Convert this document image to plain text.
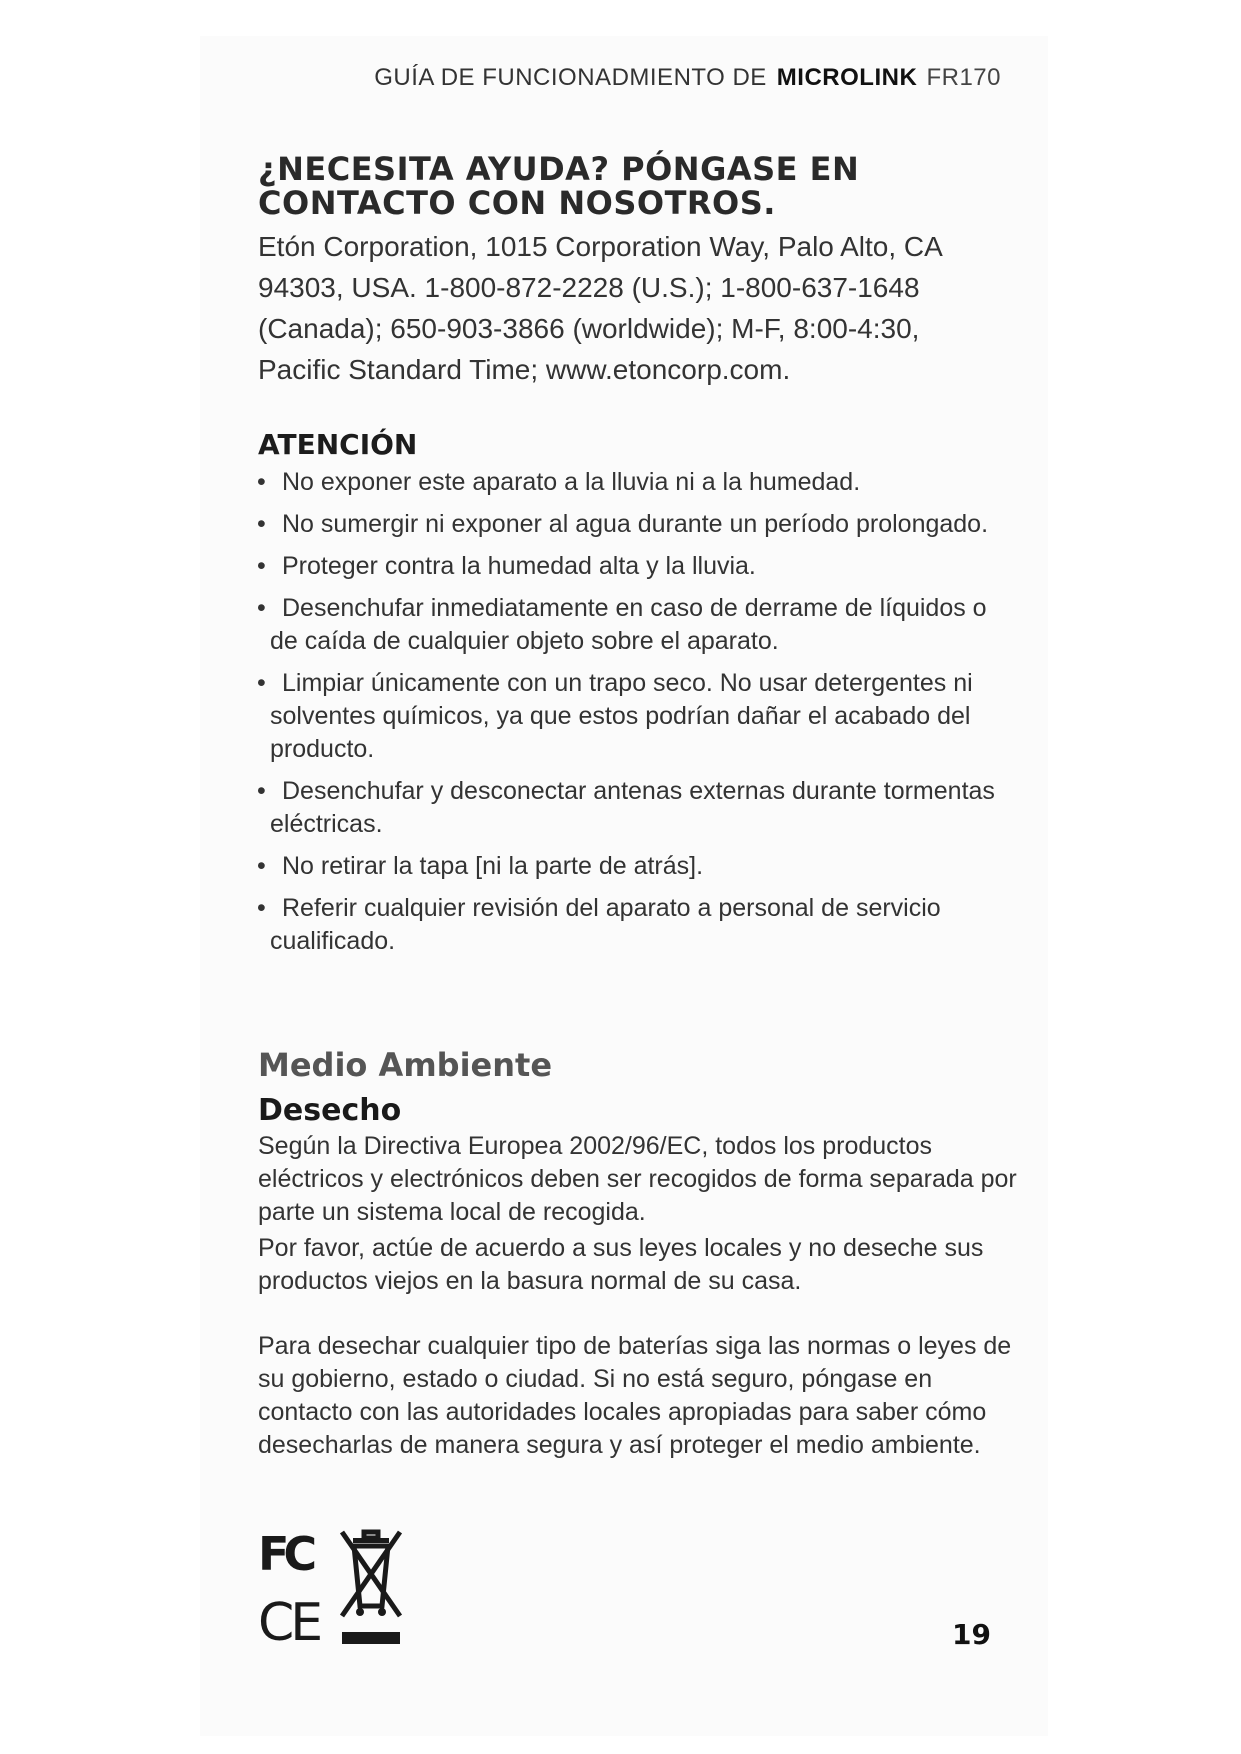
GUÍA DE FUNCIONADMIENTO DE MICROLINK FR170
¿NECESITA AYUDA? PÓNGASE EN
CONTACTO CON NOSOTROS.

Etón Corporation, 1015 Corporation Way, Palo Alto, CA 94303, USA. 1-800-872-2228 (U.S.); 1-800-637-1648 (Canada); 650-903-3866 (worldwide); M-F, 8:00-4:30, Pacific Standard Time; www.etoncorp.com.

ATENCIÓN
• No exponer este aparato a la lluvia ni a la humedad.
• No sumergir ni exponer al agua durante un período prolongado.
• Proteger contra la humedad alta y la lluvia.
• Desenchufar inmediatamente en caso de derrame de líquidos o de caída de cualquier objeto sobre el aparato.
• Limpiar únicamente con un trapo seco. No usar detergentes ni solventes químicos, ya que estos podrían dañar el acabado del producto.
• Desenchufar y desconectar antenas externas durante tormentas eléctricas.
• No retirar la tapa [ni la parte de atrás].
• Referir cualquier revisión del aparato a personal de servicio cualificado.
Medio Ambiente
Desecho

Según la Directiva Europea 2002/96/EC, todos los productos eléctricos y electrónicos deben ser recogidos de forma separada por parte un sistema local de recogida.

Por favor, actúe de acuerdo a sus leyes locales y no deseche sus productos viejos en la basura normal de su casa.

Para desechar cualquier tipo de baterías siga las normas o leyes de su gobierno, estado o ciudad. Si no está seguro, póngase en contacto con las autoridades locales apropiadas para saber cómo desecharlas de manera segura y así proteger el medio ambiente.

FC
CE	19
